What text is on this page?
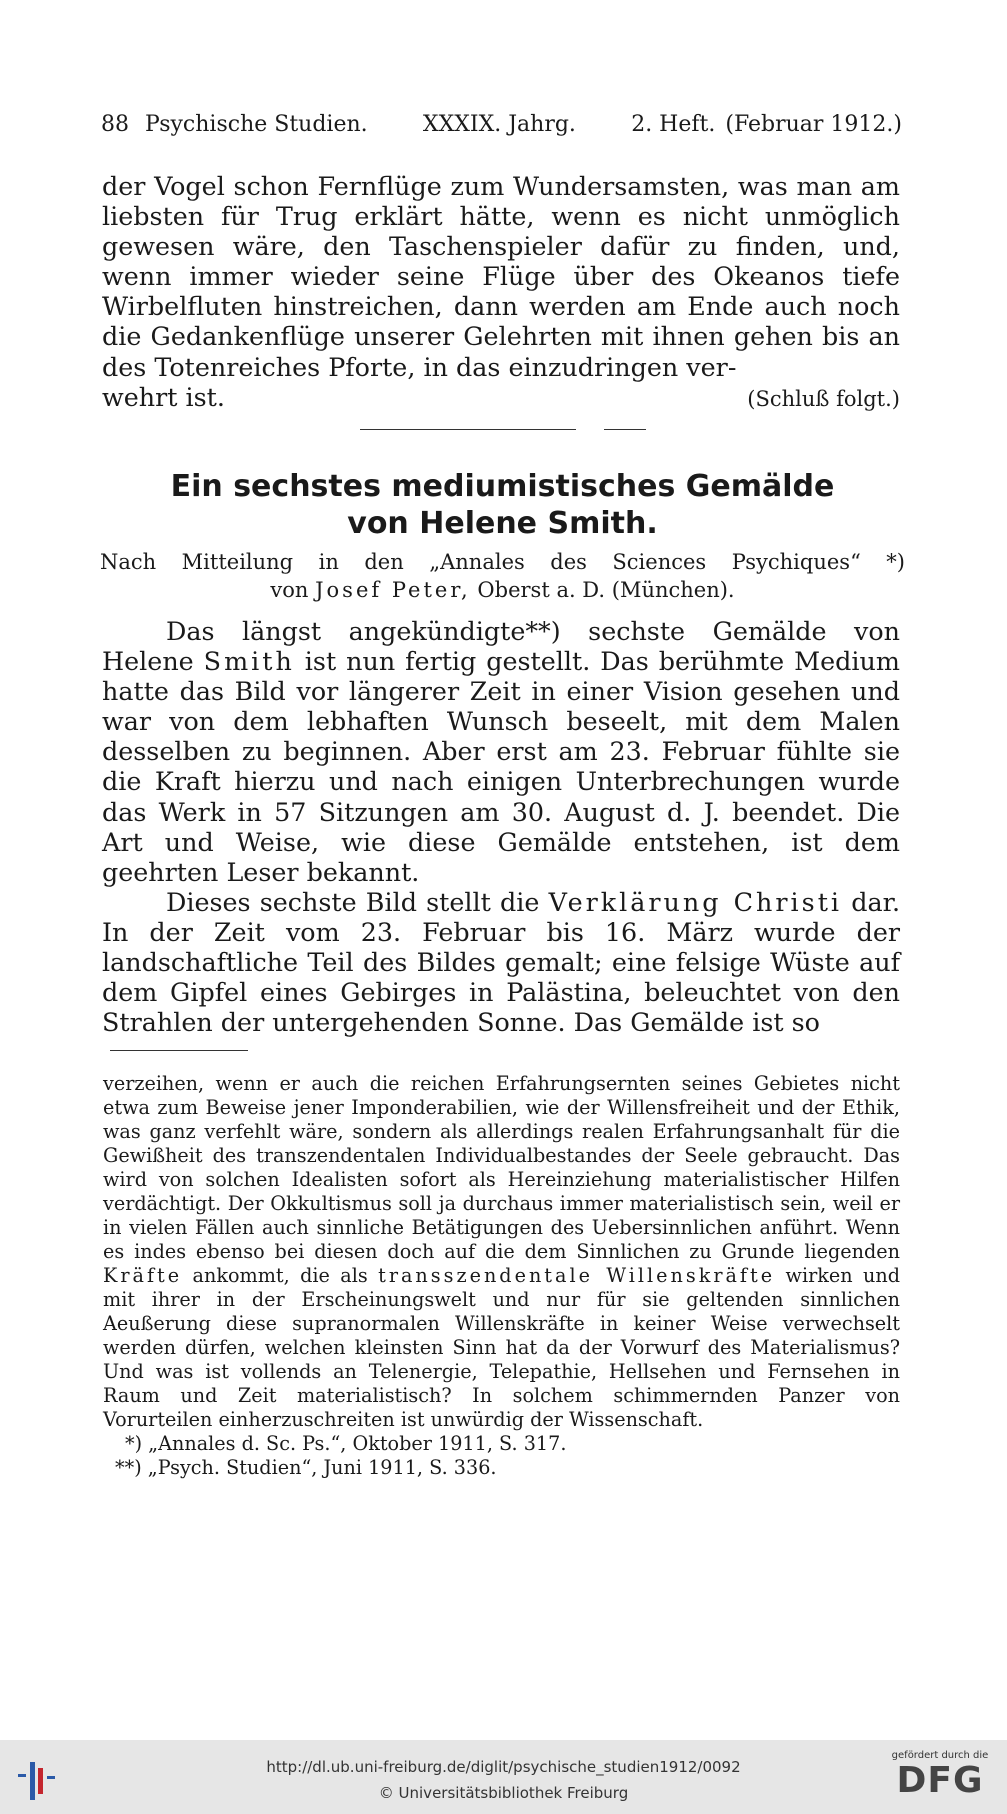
88 Psychische Studien.	XXXIX. Jahrg.	2. Heft. (Februar 1912.)

der Vogel schon Fernflüge zum Wundersamsten, was man am liebsten für Trug erklärt hätte, wenn es nicht unmöglich gewesen wäre, den Taschenspieler dafür zu finden, und, wenn immer wieder seine Flüge über des Okeanos tiefe Wirbelfluten hinstreichen, dann werden am Ende auch noch die Gedankenflüge unserer Gelehrten mit ihnen gehen bis an des Totenreiches Pforte, in das einzudringen ver-

wehrt ist.	(Schluß folgt.)
Ein sechstes mediumistisches Gemälde
von Helene Smith.
Nach Mitteilung in den „Annales des Sciences Psychiques“ *)
von Josef Peter, Oberst a. D. (München).

Das längst angekündigte**) sechste Gemälde von Helene Smith ist nun fertig gestellt. Das berühmte Medium hatte das Bild vor längerer Zeit in einer Vision gesehen und war von dem lebhaften Wunsch beseelt, mit dem Malen desselben zu beginnen. Aber erst am 23. Februar fühlte sie die Kraft hierzu und nach einigen Unterbrechungen wurde das Werk in 57 Sitzungen am 30. August d. J. beendet. Die Art und Weise, wie diese Gemälde entstehen, ist dem geehrten Leser bekannt.

Dieses sechste Bild stellt die Verklärung Christi dar. In der Zeit vom 23. Februar bis 16. März wurde der landschaftliche Teil des Bildes gemalt; eine felsige Wüste auf dem Gipfel eines Gebirges in Palästina, beleuchtet von den Strahlen der untergehenden Sonne. Das Gemälde ist so

verzeihen, wenn er auch die reichen Erfahrungsernten seines Gebietes nicht etwa zum Beweise jener Imponderabilien, wie der Willensfreiheit und der Ethik, was ganz verfehlt wäre, sondern als allerdings realen Erfahrungsanhalt für die Gewißheit des transzendentalen Individualbestandes der Seele gebraucht. Das wird von solchen Idealisten sofort als Hereinziehung materialistischer Hilfen verdächtigt. Der Okkultismus soll ja durchaus immer materialistisch sein, weil er in vielen Fällen auch sinnliche Betätigungen des Uebersinnlichen anführt. Wenn es indes ebenso bei diesen doch auf die dem Sinnlichen zu Grunde liegenden Kräfte ankommt, die als transszendentale Willenskräfte wirken und mit ihrer in der Erscheinungswelt und nur für sie geltenden sinnlichen Aeußerung diese supranormalen Willenskräfte in keiner Weise verwechselt werden dürfen, welchen kleinsten Sinn hat da der Vorwurf des Materialismus? Und was ist vollends an Telenergie, Telepathie, Hellsehen und Fernsehen in Raum und Zeit materialistisch? In solchem schimmernden Panzer von Vorurteilen einherzuschreiten ist unwürdig der Wissenschaft.

*) „Annales d. Sc. Ps.“, Oktober 1911, S. 317.

**) „Psych. Studien“, Juni 1911, S. 336.

http://dl.ub.uni-freiburg.de/diglit/psychische_studien1912/0092
© Universitätsbibliothek Freiburg
gefördert durch die
DFG
